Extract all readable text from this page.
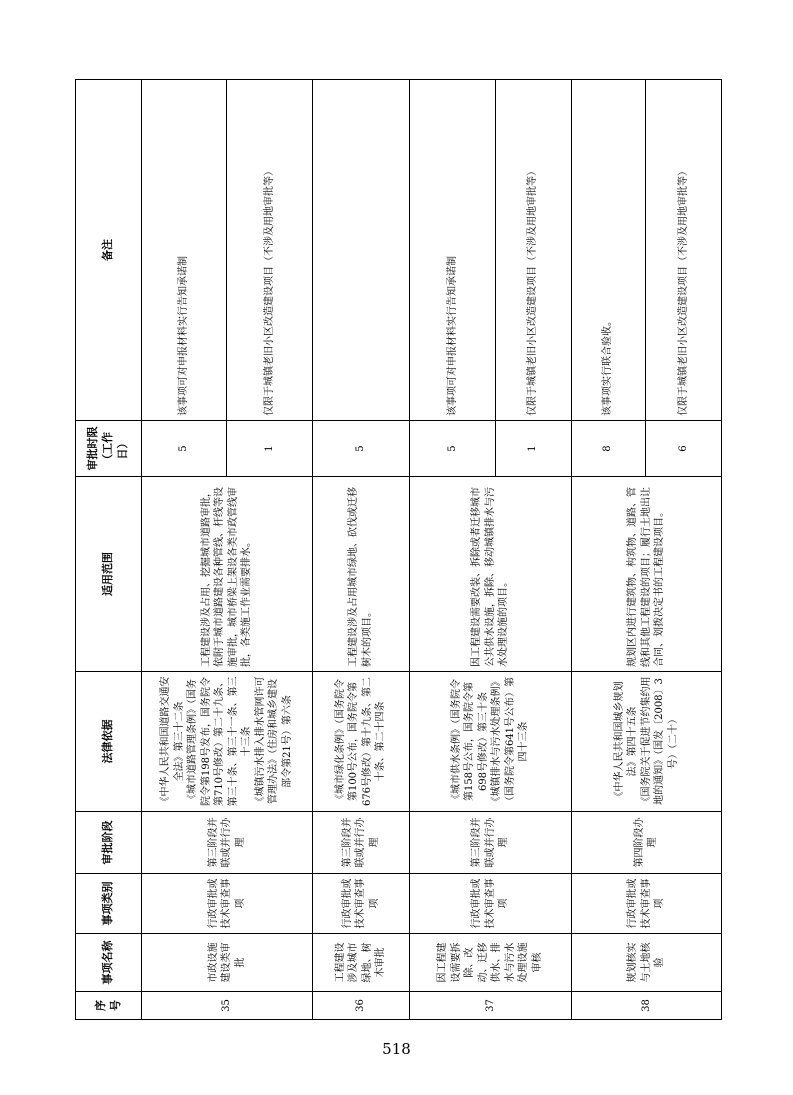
序号	事项名称	事项类别	审批阶段	法律依据	适用范围	审批时限（工作日）	备注
35	市政设施建设类审批	行政审批或技术审查事项	第三阶段并联或并行办理	《中华人民共和国道路交通安全法》第三十二条 《城市道路管理条例》（国务院令第198号发布，国务院令第710号修改）第二十九条、第三十条、第三十一条、第三十三条 《城镇污水排入排水管网许可管理办法》（住房和城乡建设部令第21号）第六条	工程建设涉及占用、挖掘城市道路审批，依附于城市道路建设各种管线、杆线等设施审批，城市桥梁上架设各类市政管线审批，各类施工作业需要排水。	5	该事项可对申报材料实行告知承诺制
						1	仅限于城镇老旧小区改造建设项目（不涉及用地审批等）
36	工程建设涉及城市绿地、树木审批	行政审批或技术审查事项	第三阶段并联或并行办理	《城市绿化条例》（国务院令第100号公布，国务院令第676号修改）第十九条、第二十条、第二十四条	工程建设涉及占用城市绿地、砍伐或迁移树木的项目。	5	
37	因工程建设需要拆除、改动、迁移供水、排水与污水处理设施审核	行政审批或技术审查事项	第三阶段并联或并行办理	《城市供水条例》（国务院令第158号公布，国务院令第698号修改）第三十条 《城镇排水与污水处理条例》（国务院令第641号公布）第四十三条	因工程建设需要改装、拆除或者迁移城市公共供水设施，拆除、移动城镇排水与污水处理设施的项目。	5	该事项可对申报材料实行告知承诺制
						1	仅限于城镇老旧小区改造建设项目（不涉及用地审批等）
38	规划核实与土地核验	行政审批或技术审查事项	第四阶段办理	《中华人民共和国城乡规划法》第四十五条 《国务院关于促进节约集约用地的通知》（国发〔2008〕3号）（二十）	规划区内进行建筑物、构筑物、道路、管线和其他工程建设的项目；履行土地出让合同、划拨决定书的工程建设项目。	8	该事项实行联合验收。
						6	仅限于城镇老旧小区改造建设项目（不涉及用地审批等）
518
